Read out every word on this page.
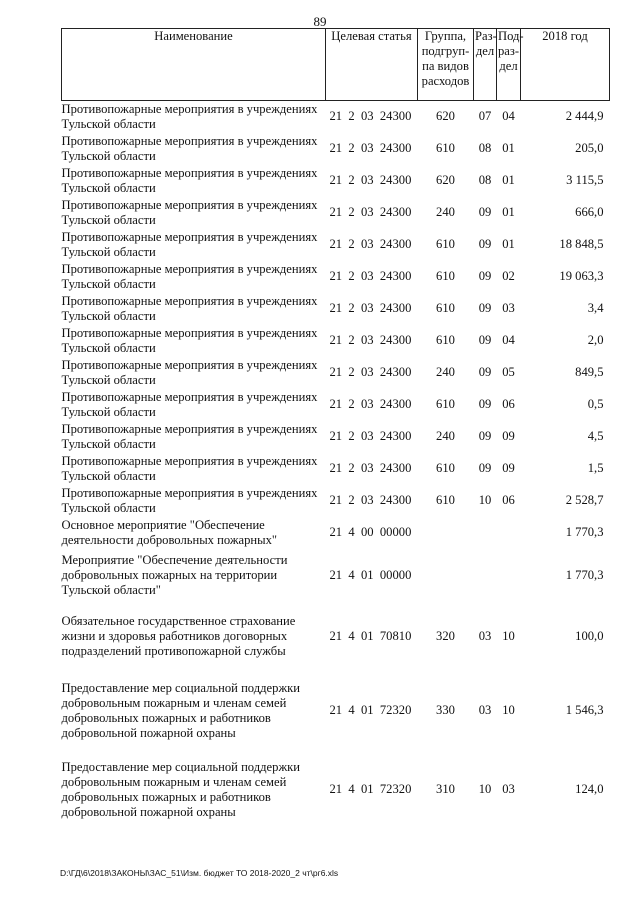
89
Наименование	Целевая статья	Группа, подгруп-па видов расходов	Раз-дел	Под-раз-дел	2018 год
Противопожарные мероприятия в учреждениях Тульской области	21  2  03  24300	620	07	04	2 444,9
Противопожарные мероприятия в учреждениях Тульской области	21  2  03  24300	610	08	01	205,0
Противопожарные мероприятия в учреждениях Тульской области	21  2  03  24300	620	08	01	3 115,5
Противопожарные мероприятия в учреждениях Тульской области	21  2  03  24300	240	09	01	666,0
Противопожарные мероприятия в учреждениях Тульской области	21  2  03  24300	610	09	01	18 848,5
Противопожарные мероприятия в учреждениях Тульской области	21  2  03  24300	610	09	02	19 063,3
Противопожарные мероприятия в учреждениях Тульской области	21  2  03  24300	610	09	03	3,4
Противопожарные мероприятия в учреждениях Тульской области	21  2  03  24300	610	09	04	2,0
Противопожарные мероприятия в учреждениях Тульской области	21  2  03  24300	240	09	05	849,5
Противопожарные мероприятия в учреждениях Тульской области	21  2  03  24300	610	09	06	0,5
Противопожарные мероприятия в учреждениях Тульской области	21  2  03  24300	240	09	09	4,5
Противопожарные мероприятия в учреждениях Тульской области	21  2  03  24300	610	09	09	1,5
Противопожарные мероприятия в учреждениях Тульской области	21  2  03  24300	610	10	06	2 528,7
Основное мероприятие "Обеспечение деятельности добровольных пожарных"	21  4  00  00000				1 770,3
Мероприятие "Обеспечение деятельности добровольных пожарных на территории Тульской области"	21  4  01  00000				1 770,3
Обязательное государственное страхование жизни и здоровья работников договорных подразделений противопожарной службы	21  4  01  70810	320	03	10	100,0
Предоставление мер социальной поддержки добровольным пожарным и членам семей добровольных пожарных и работников добровольной пожарной охраны	21  4  01  72320	330	03	10	1 546,3
Предоставление мер социальной поддержки добровольным пожарным и членам семей добровольных пожарных и работников добровольной пожарной охраны	21  4  01  72320	310	10	03	124,0
D:\ГД\6\2018\ЗАКОНЫ\ЗАС_51\Изм. бюджет ТО 2018-2020_2 чт\рг6.xls
